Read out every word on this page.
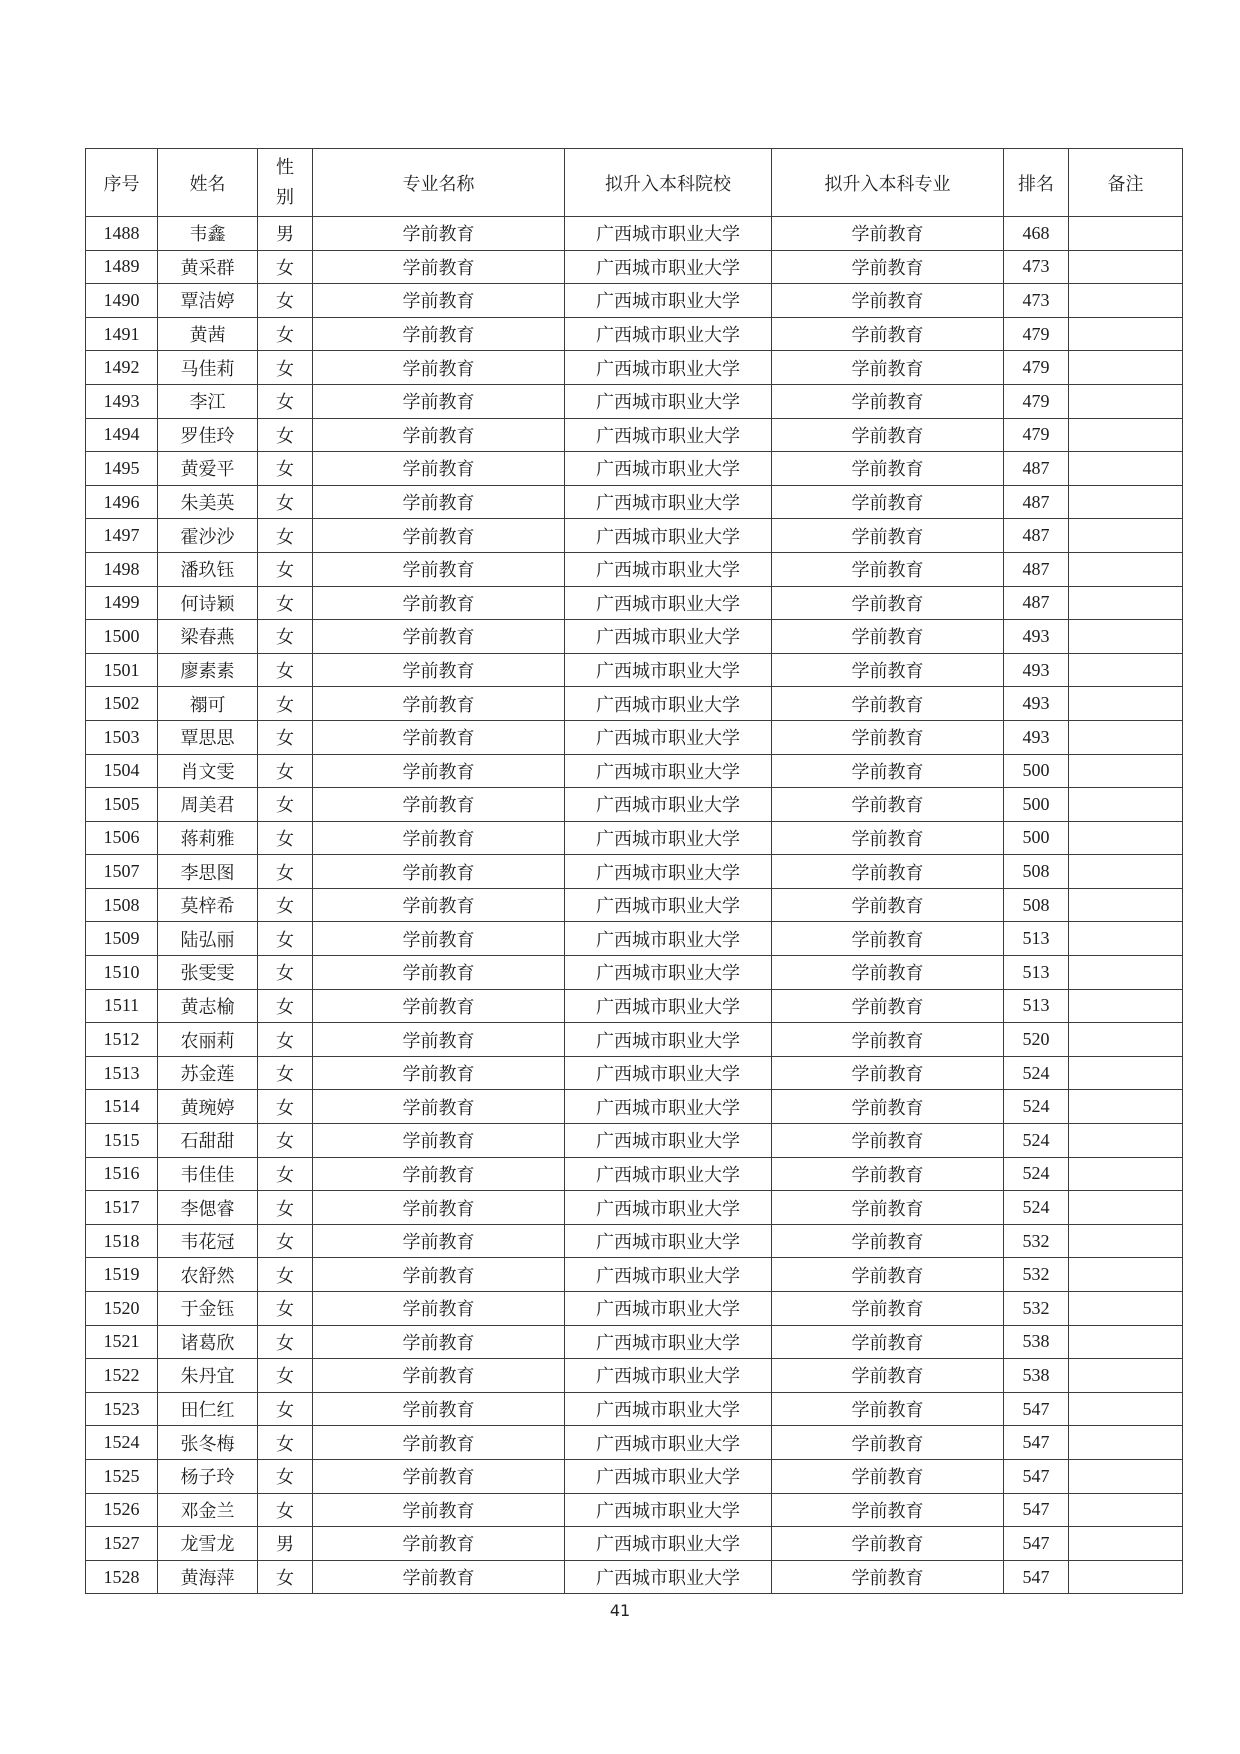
序号	姓名	性别	专业名称	拟升入本科院校	拟升入本科专业	排名	备注
1488	韦鑫	男	学前教育	广西城市职业大学	学前教育	468	
1489	黄采群	女	学前教育	广西城市职业大学	学前教育	473	
1490	覃洁婷	女	学前教育	广西城市职业大学	学前教育	473	
1491	黄茜	女	学前教育	广西城市职业大学	学前教育	479	
1492	马佳莉	女	学前教育	广西城市职业大学	学前教育	479	
1493	李江	女	学前教育	广西城市职业大学	学前教育	479	
1494	罗佳玲	女	学前教育	广西城市职业大学	学前教育	479	
1495	黄爱平	女	学前教育	广西城市职业大学	学前教育	487	
1496	朱美英	女	学前教育	广西城市职业大学	学前教育	487	
1497	霍沙沙	女	学前教育	广西城市职业大学	学前教育	487	
1498	潘玖钰	女	学前教育	广西城市职业大学	学前教育	487	
1499	何诗颖	女	学前教育	广西城市职业大学	学前教育	487	
1500	梁春燕	女	学前教育	广西城市职业大学	学前教育	493	
1501	廖素素	女	学前教育	广西城市职业大学	学前教育	493	
1502	禤可	女	学前教育	广西城市职业大学	学前教育	493	
1503	覃思思	女	学前教育	广西城市职业大学	学前教育	493	
1504	肖文雯	女	学前教育	广西城市职业大学	学前教育	500	
1505	周美君	女	学前教育	广西城市职业大学	学前教育	500	
1506	蒋莉雅	女	学前教育	广西城市职业大学	学前教育	500	
1507	李思图	女	学前教育	广西城市职业大学	学前教育	508	
1508	莫梓希	女	学前教育	广西城市职业大学	学前教育	508	
1509	陆弘丽	女	学前教育	广西城市职业大学	学前教育	513	
1510	张雯雯	女	学前教育	广西城市职业大学	学前教育	513	
1511	黄志榆	女	学前教育	广西城市职业大学	学前教育	513	
1512	农丽莉	女	学前教育	广西城市职业大学	学前教育	520	
1513	苏金莲	女	学前教育	广西城市职业大学	学前教育	524	
1514	黄琬婷	女	学前教育	广西城市职业大学	学前教育	524	
1515	石甜甜	女	学前教育	广西城市职业大学	学前教育	524	
1516	韦佳佳	女	学前教育	广西城市职业大学	学前教育	524	
1517	李偲睿	女	学前教育	广西城市职业大学	学前教育	524	
1518	韦花冠	女	学前教育	广西城市职业大学	学前教育	532	
1519	农舒然	女	学前教育	广西城市职业大学	学前教育	532	
1520	于金钰	女	学前教育	广西城市职业大学	学前教育	532	
1521	诸葛欣	女	学前教育	广西城市职业大学	学前教育	538	
1522	朱丹宜	女	学前教育	广西城市职业大学	学前教育	538	
1523	田仁红	女	学前教育	广西城市职业大学	学前教育	547	
1524	张冬梅	女	学前教育	广西城市职业大学	学前教育	547	
1525	杨子玲	女	学前教育	广西城市职业大学	学前教育	547	
1526	邓金兰	女	学前教育	广西城市职业大学	学前教育	547	
1527	龙雪龙	男	学前教育	广西城市职业大学	学前教育	547	
1528	黄海萍	女	学前教育	广西城市职业大学	学前教育	547	
41
